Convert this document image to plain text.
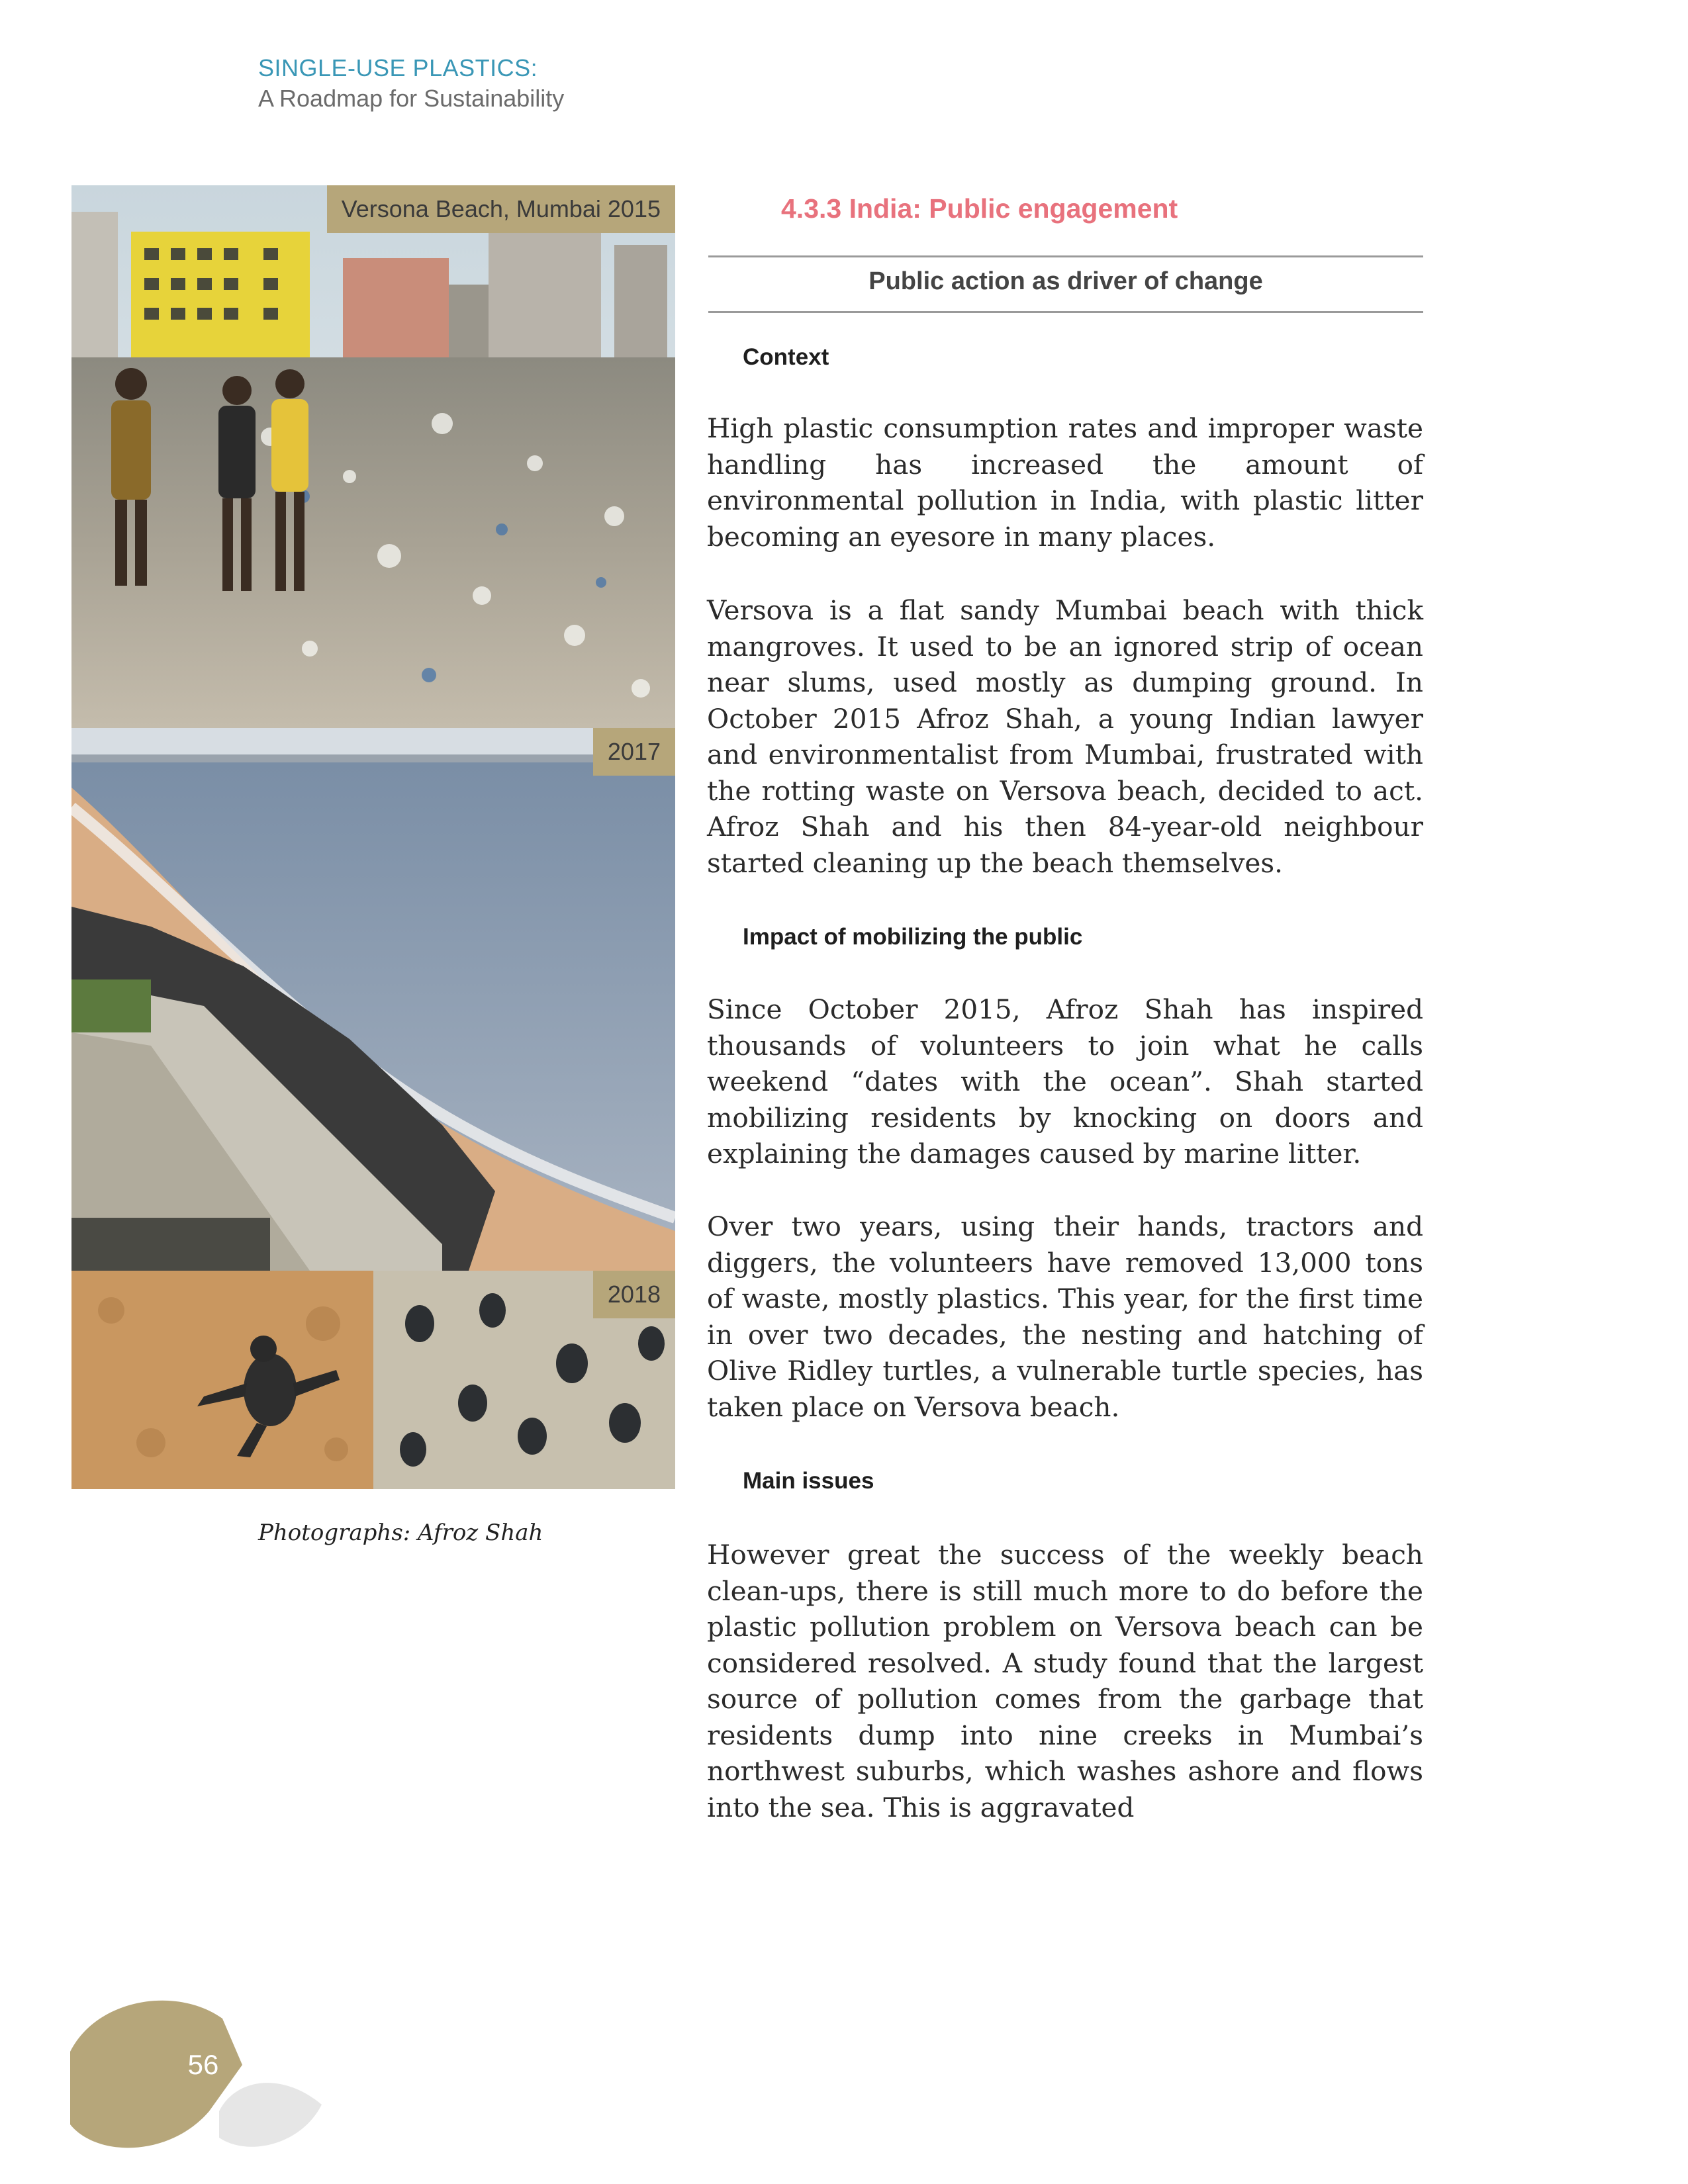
SINGLE-USE PLASTICS:
A Roadmap for Sustainability
Versona Beach, Mumbai 2015
2017
2018
Photographs: Afroz Shah
4.3.3 India: Public engagement
Public action as driver of change
Context

High plastic consumption rates and improper waste handling has increased the amount of environmental pollution in India, with plastic litter becoming an eyesore in many places.

Versova is a flat sandy Mumbai beach with thick mangroves. It used to be an ignored strip of ocean near slums, used mostly as dumping ground. In October 2015 Afroz Shah, a young Indian lawyer and environmentalist from Mumbai, frustrated with the rotting waste on Versova beach, decided to act. Afroz Shah and his then 84-year-old neighbour started cleaning up the beach themselves.

Impact of mobilizing the public

Since October 2015, Afroz Shah has inspired thousands of volunteers to join what he calls weekend “dates with the ocean”. Shah started mobilizing residents by knocking on doors and explaining the damages caused by marine litter.

Over two years, using their hands, tractors and diggers, the volunteers have removed 13,000 tons of waste, mostly plastics. This year, for the first time in over two decades, the nesting and hatching of Olive Ridley turtles, a vulnerable turtle species, has taken place on Versova beach.

Main issues

However great the success of the weekly beach clean-ups, there is still much more to do before the plastic pollution problem on Versova beach can be considered resolved. A study found that the largest source of pollution comes from the garbage that residents dump into nine creeks in Mumbai’s northwest suburbs, which washes ashore and flows into the sea. This is aggravated

56
